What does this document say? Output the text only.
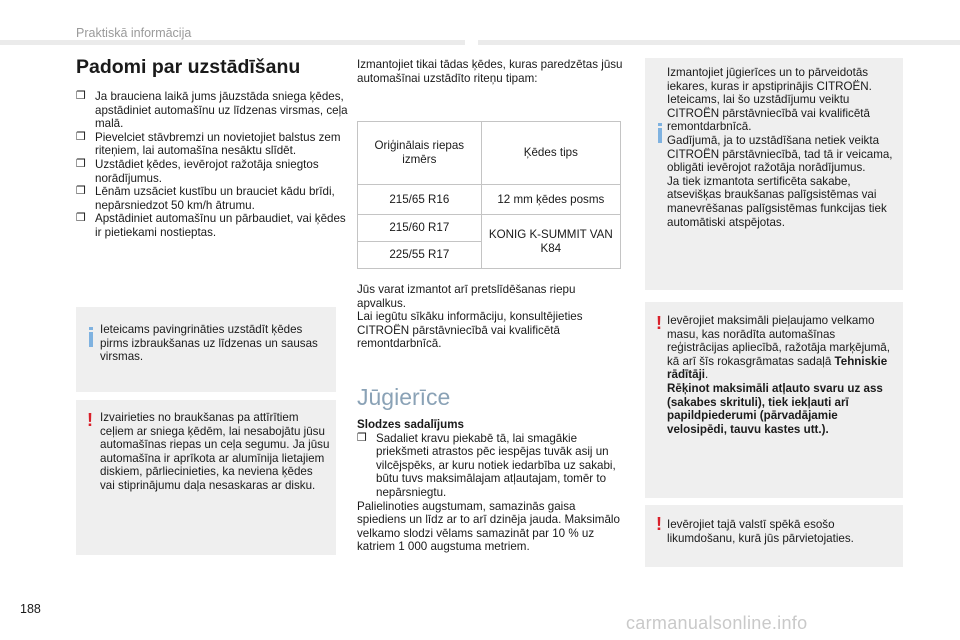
Praktiskā informācija
Padomi par uzstādīšanu
❒ Ja brauciena laikā jums jāuzstāda sniega ķēdes, apstādiniet automašīnu uz līdzenas virsmas, ceļa malā.
❒ Pievelciet stāvbremzi un novietojiet balstus zem riteņiem, lai automašīna nesāktu slīdēt.
❒ Uzstādiet ķēdes, ievērojot ražotāja sniegtos norādījumus.
❒ Lēnām uzsāciet kustību un brauciet kādu brīdi, nepārsniedzot 50 km/h ātrumu.
❒ Apstādiniet automašīnu un pārbaudiet, vai ķēdes ir pietiekami nostieptas.

Ieteicams pavingrināties uzstādīt ķēdes pirms izbraukšanas uz līdzenas un sausas virsmas.

! Izvairieties no braukšanas pa attīrītiem ceļiem ar sniega ķēdēm, lai nesabojātu jūsu automašīnas riepas un ceļa segumu. Ja jūsu automašīna ir aprīkota ar alumīnija lietajiem diskiem, pārliecinieties, ka neviena ķēdes vai stiprinājumu daļa nesaskaras ar disku.

Izmantojiet tikai tādas ķēdes, kuras paredzētas jūsu automašīnai uzstādīto riteņu tipam:
Oriģinālais riepas izmērs	Ķēdes tips
215/65 R16	12 mm ķēdes posms
215/60 R17	KONIG K-SUMMIT VAN K84
225/55 R17	

Jūs varat izmantot arī pretslīdēšanas riepu apvalkus.

Lai iegūtu sīkāku informāciju, konsultējieties CITROËN pārstāvniecībā vai kvalificētā remontdarbnīcā.

Jūgierīce

Slodzes sadalījums

❒ Sadaliet kravu piekabē tā, lai smagākie priekšmeti atrastos pēc iespējas tuvāk asij un vilcējspēks, ar kuru notiek iedarbība uz sakabi, būtu tuvs maksimālajam atļautajam, tomēr to nepārsniegtu.

Palielinoties augstumam, samazinās gaisa spiediens un līdz ar to arī dzinēja jauda. Maksimālo velkamo slodzi vēlams samazināt par 10 % uz katriem 1 000 augstuma metriem.

Izmantojiet jūgierīces un to pārveidotās iekares, kuras ir apstiprinājis CITROËN.
Ieteicams, lai šo uzstādījumu veiktu CITROËN pārstāvniecībā vai kvalificētā remontdarbnīcā.
Gadījumā, ja to uzstādīšana netiek veikta CITROËN pārstāvniecībā, tad tā ir veicama, obligāti ievērojot ražotāja norādījumus.
Ja tiek izmantota sertificēta sakabe, atsevišķas braukšanas palīgsistēmas vai manevrēšanas palīgsistēmas funkcijas tiek automātiski atspējotas.

! Ievērojiet maksimāli pieļaujamo velkamo masu, kas norādīta automašīnas reģistrācijas apliecībā, ražotāja marķējumā, kā arī šīs rokasgrāmatas sadaļā Tehniskie rādītāji.
Rēķinot maksimāli atļauto svaru uz ass (sakabes skrituli), tiek iekļauti arī papildpiederumi (pārvadājamie velosipēdi, tauvu kastes utt.).

! Ievērojiet tajā valstī spēkā esošo likumdošanu, kurā jūs pārvietojaties.

188
carmanualsonline.info
